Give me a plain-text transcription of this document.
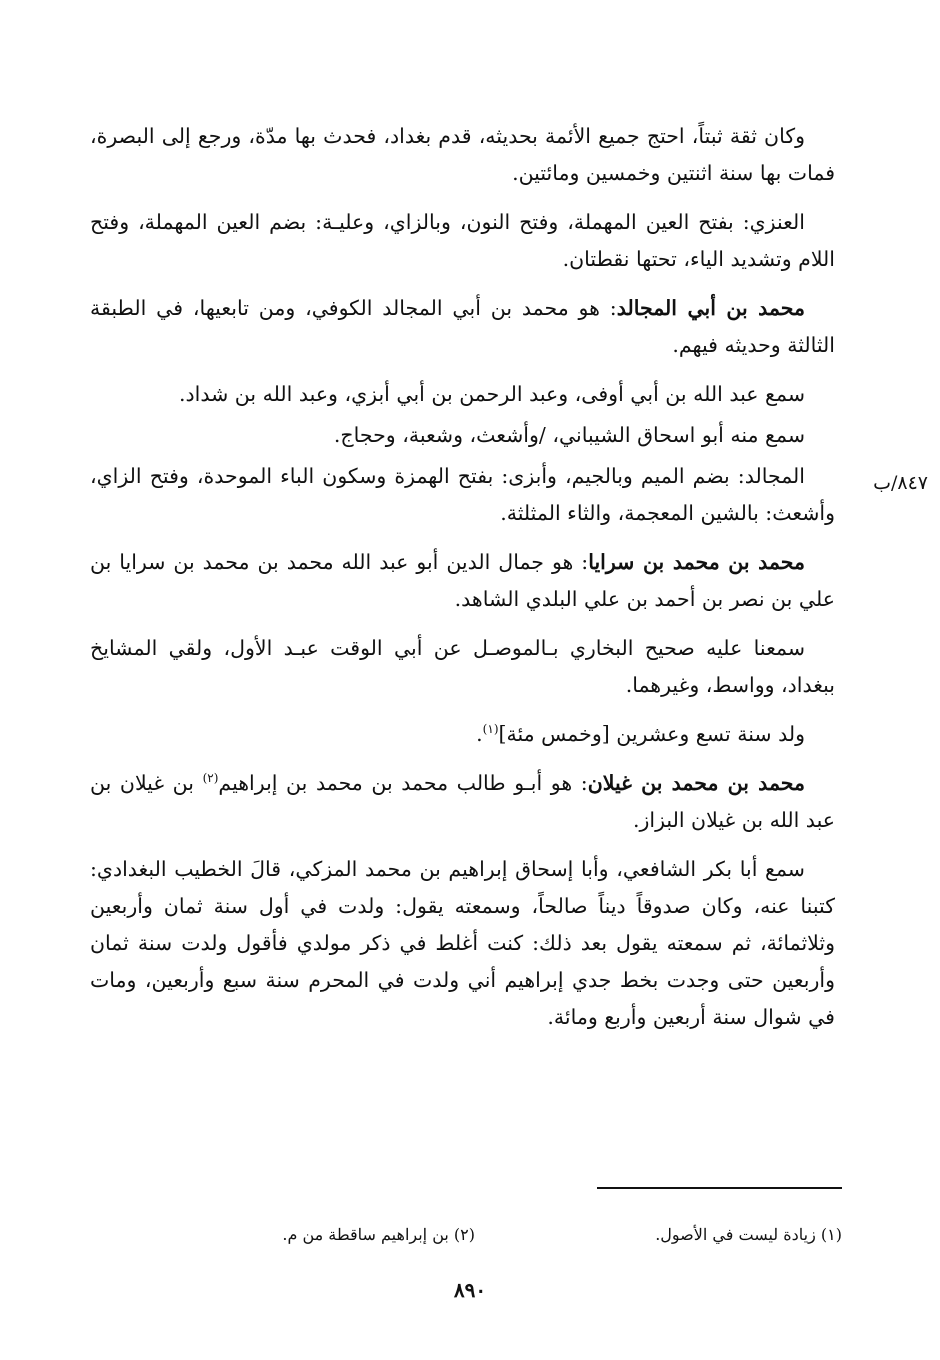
وكان ثقة ثبتاً، احتج جميع الأئمة بحديثه، قدم بغداد، فحدث بها مدّة، ورجع إلى البصرة، فمات بها سنة اثنتين وخمسين ومائتين.

العنزي: بفتح العين المهملة، وفتح النون، وبالزاي، وعليـة: بضم العين المهملة، وفتح اللام وتشديد الياء، تحتها نقطتان.

محمد بن أبي المجالد: هو محمد بن أبي المجالد الكوفي، ومن تابعيها، في الطبقة الثالثة وحديثه فيهم.

سمع عبد الله بن أبي أوفى، وعبد الرحمن بن أبي أبزي، وعبد الله بن شداد.

سمع منه أبو اسحاق الشيباني، /وأشعث، وشعبة، وحجاج.

المجالد: بضم الميم وبالجيم، وأبزى: بفتح الهمزة وسكون الباء الموحدة، وفتح الزاي، وأشعث: بالشين المعجمة، والثاء المثلثة.

محمد بن محمد بن سرايا: هو جمال الدين أبو عبد الله محمد بن محمد بن سرايا بن علي بن نصر بن أحمد بن علي البلدي الشاهد.

سمعنا عليه صحيح البخاري بـالموصـل عن أبي الوقت عبـد الأول، ولقي المشايخ ببغداد، وواسط، وغيرهما.

ولد سنة تسع وعشرين [وخمس مئة]$^{(١)}$.

محمد بن محمد بن غيلان: هو أبـو طالب محمد بن محمد بن إبراهيم$^{(٢)}$ بن غيلان بن عبد الله بن غيلان البزاز.

سمع أبا بكر الشافعي، وأبا إسحاق إبراهيم بن محمد المزكي، قالَ الخطيب البغدادي: كتبنا عنه، وكان صدوقاً ديناً صالحاً، وسمعته يقول: ولدت في أول سنة ثمان وأربعين وثلاثمائة، ثم سمعته يقول بعد ذلك: كنت أغلط في ذكر مولدي فأقول ولدت سنة ثمان وأربعين حتى وجدت بخط جدي إبراهيم أني ولدت في المحرم سنة سبع وأربعين، ومات في شوال سنة أربعين وأربع ومائة.

٨٤٧/ب
(١) زيادة ليست في الأصول.
(٢) بن إبراهيم ساقطة من م.
٨٩٠
